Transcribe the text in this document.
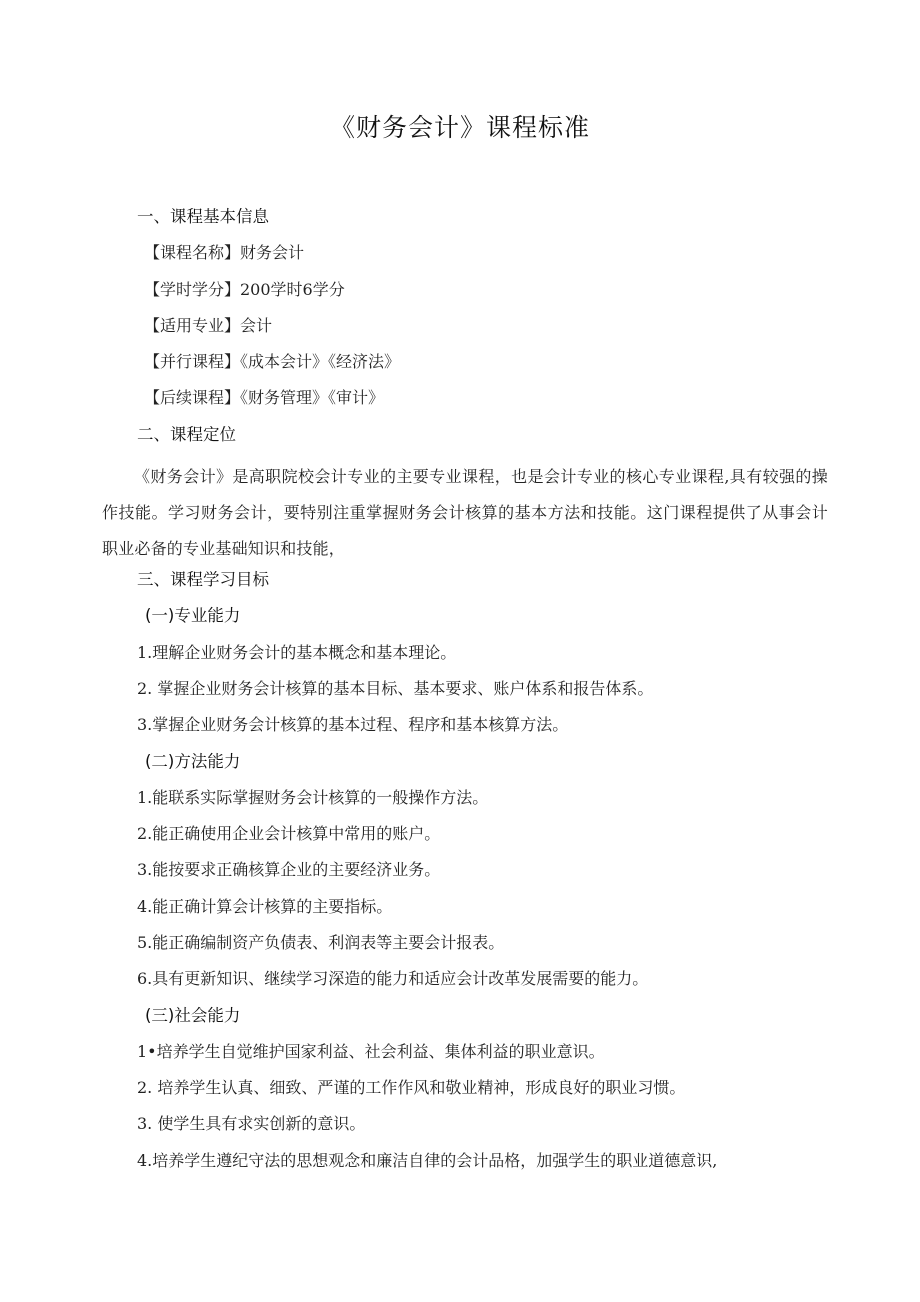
《财务会计》课程标准
一、课程基本信息
【课程名称】财务会计
【学时学分】200学时6学分
【适用专业】会计
【并行课程】《成本会计》《经济法》
【后续课程】《财务管理》《审计》
二、课程定位
《财务会计》是高职院校会计专业的主要专业课程，也是会计专业的核心专业课程,具有较强的操作技能。学习财务会计，要特别注重掌握财务会计核算的基本方法和技能。这门课程提供了从事会计职业必备的专业基础知识和技能，
三、课程学习目标
(一)专业能力
1.理解企业财务会计的基本概念和基本理论。
2. 掌握企业财务会计核算的基本目标、基本要求、账户体系和报告体系。
3.掌握企业财务会计核算的基本过程、程序和基本核算方法。
(二)方法能力
1.能联系实际掌握财务会计核算的一般操作方法。
2.能正确使用企业会计核算中常用的账户。
3.能按要求正确核算企业的主要经济业务。
4.能正确计算会计核算的主要指标。
5.能正确编制资产负债表、利润表等主要会计报表。
6.具有更新知识、继续学习深造的能力和适应会计改革发展需要的能力。
(三)社会能力
1•培养学生自觉维护国家利益、社会利益、集体利益的职业意识。
2. 培养学生认真、细致、严谨的工作作风和敬业精神，形成良好的职业习惯。
3. 使学生具有求实创新的意识。
4.培养学生遵纪守法的思想观念和廉洁自律的会计品格，加强学生的职业道德意识,
